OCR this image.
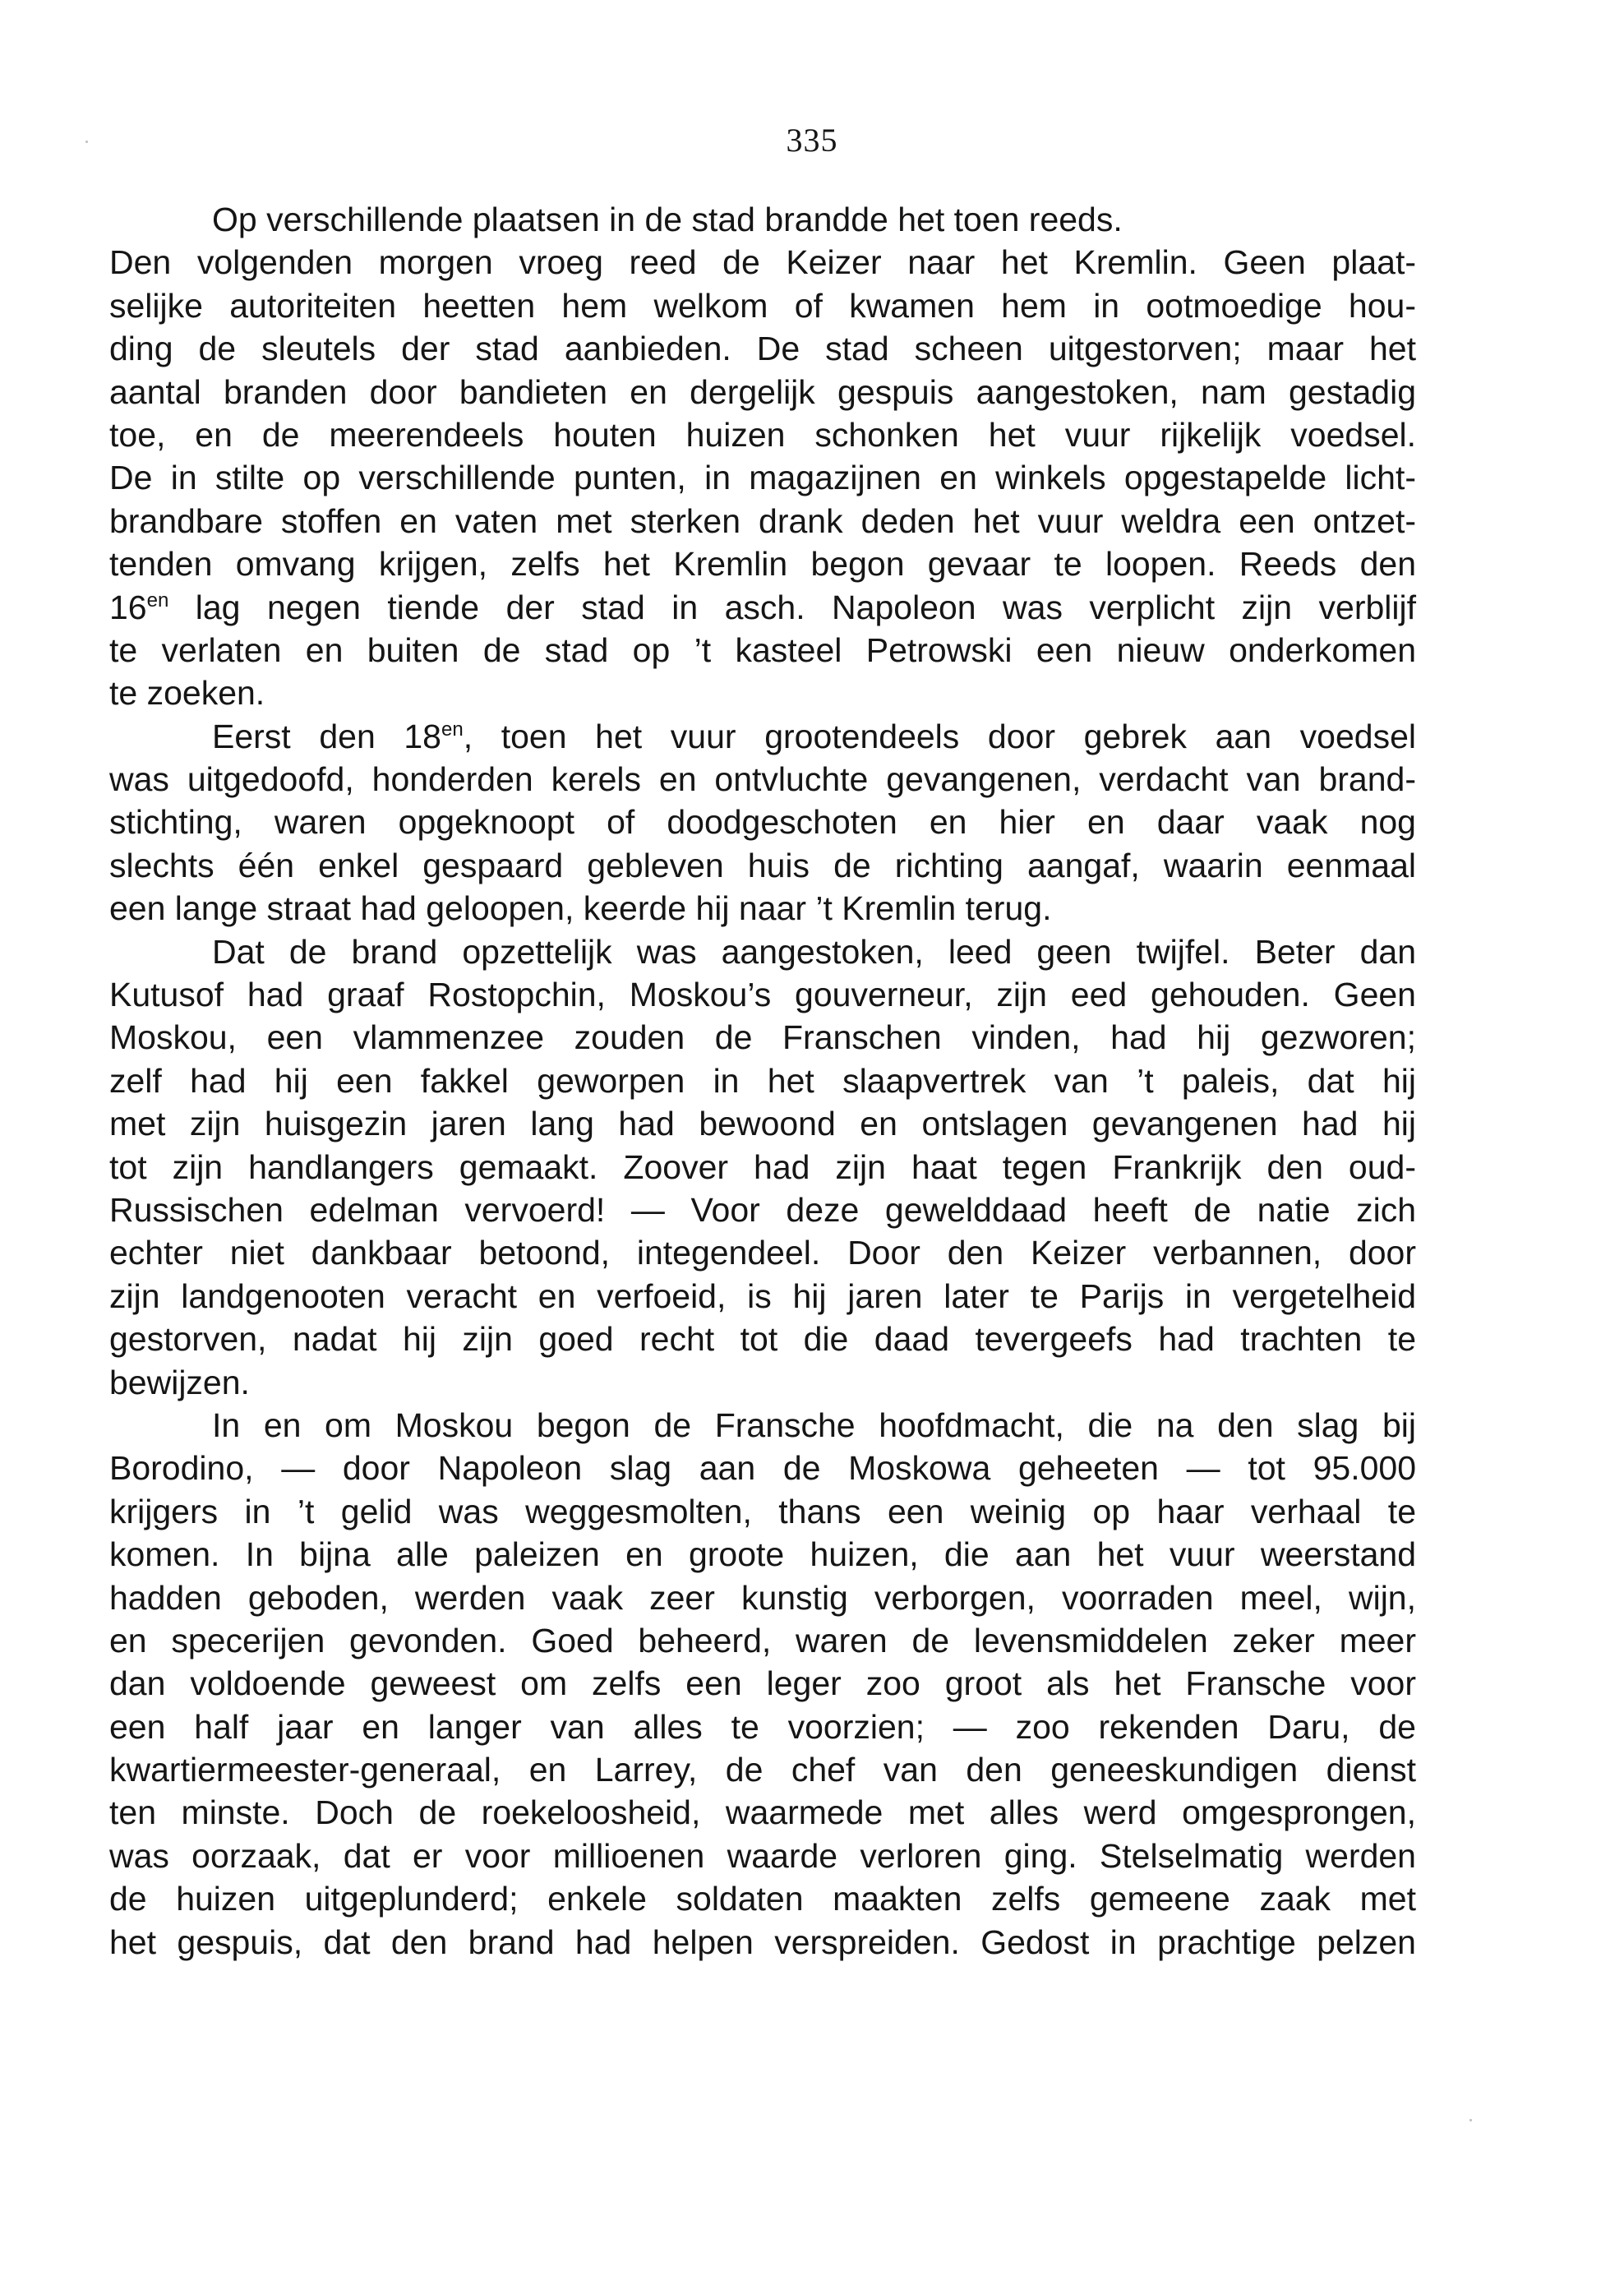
335
Op verschillende plaatsen in de stad brandde het toen reeds.
Den volgenden morgen vroeg reed de Keizer naar het Kremlin. Geen plaat-
selijke autoriteiten heetten hem welkom of kwamen hem in ootmoedige hou-
ding de sleutels der stad aanbieden. De stad scheen uitgestorven; maar het
aantal branden door bandieten en dergelijk gespuis aangestoken, nam gestadig
toe, en de meerendeels houten huizen schonken het vuur rijkelijk voedsel.
De in stilte op verschillende punten, in magazijnen en winkels opgestapelde licht-
brandbare stoffen en vaten met sterken drank deden het vuur weldra een ontzet-
tenden omvang krijgen, zelfs het Kremlin begon gevaar te loopen. Reeds den
$16^{en}$ lag negen tiende der stad in asch. Napoleon was verplicht zijn verblijf
te verlaten en buiten de stad op ’t kasteel Petrowski een nieuw onderkomen
te zoeken.
Eerst den $18^{en}$, toen het vuur grootendeels door gebrek aan voedsel
was uitgedoofd, honderden kerels en ontvluchte gevangenen, verdacht van brand-
stichting, waren opgeknoopt of doodgeschoten en hier en daar vaak nog
slechts één enkel gespaard gebleven huis de richting aangaf, waarin eenmaal
een lange straat had geloopen, keerde hij naar ’t Kremlin terug.
Dat de brand opzettelijk was aangestoken, leed geen twijfel. Beter dan
Kutusof had graaf Rostopchin, Moskou’s gouverneur, zijn eed gehouden. Geen
Moskou, een vlammenzee zouden de Franschen vinden, had hij gezworen;
zelf had hij een fakkel geworpen in het slaapvertrek van ’t paleis, dat hij
met zijn huisgezin jaren lang had bewoond en ontslagen gevangenen had hij
tot zijn handlangers gemaakt. Zoover had zijn haat tegen Frankrijk den oud-
Russischen edelman vervoerd! — Voor deze gewelddaad heeft de natie zich
echter niet dankbaar betoond, integendeel. Door den Keizer verbannen, door
zijn landgenooten veracht en verfoeid, is hij jaren later te Parijs in vergetelheid
gestorven, nadat hij zijn goed recht tot die daad tevergeefs had trachten te
bewijzen.
In en om Moskou begon de Fransche hoofdmacht, die na den slag bij
Borodino, — door Napoleon slag aan de Moskowa geheeten — tot 95.000
krijgers in ’t gelid was weggesmolten, thans een weinig op haar verhaal te
komen. In bijna alle paleizen en groote huizen, die aan het vuur weerstand
hadden geboden, werden vaak zeer kunstig verborgen, voorraden meel, wijn,
en specerijen gevonden. Goed beheerd, waren de levensmiddelen zeker meer
dan voldoende geweest om zelfs een leger zoo groot als het Fransche voor
een half jaar en langer van alles te voorzien; — zoo rekenden Daru, de
kwartiermeester-generaal, en Larrey, de chef van den geneeskundigen dienst
ten minste. Doch de roekeloosheid, waarmede met alles werd omgesprongen,
was oorzaak, dat er voor millioenen waarde verloren ging. Stelselmatig werden
de huizen uitgeplunderd; enkele soldaten maakten zelfs gemeene zaak met
het gespuis, dat den brand had helpen verspreiden. Gedost in prachtige pelzen
